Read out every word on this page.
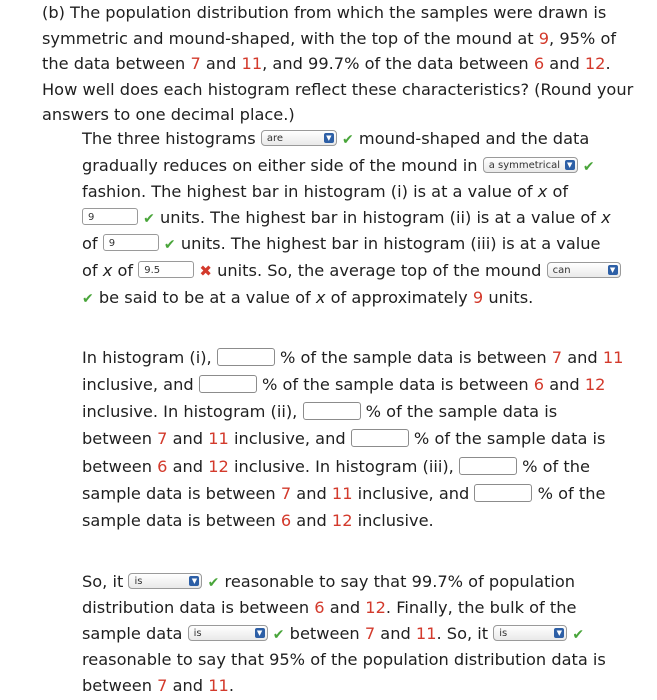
(b) The population distribution from which the samples were drawn is
symmetric and mound-shaped, with the top of the mound at 9, 95% of
the data between 7 and 11, and 99.7% of the data between 6 and 12.
How well does each histogram reflect these characteristics? (Round your
answers to one decimal place.)
The three histograms are	▼ ✔ mound-shaped and the data
gradually reduces on either side of the mound in a symmetrical	▼ ✔
fashion. The highest bar in histogram (i) is at a value of x of
9	✔ units. The highest bar in histogram (ii) is at a value of x
of 9	✔ units. The highest bar in histogram (iii) is at a value
of x of 9.5	✖ units. So, the average top of the mound can	▼
✔ be said to be at a value of x of approximately 9 units.
In histogram (i),	% of the sample data is between 7 and 11
inclusive, and	% of the sample data is between 6 and 12
inclusive. In histogram (ii),	% of the sample data is
between 7 and 11 inclusive, and	% of the sample data is
between 6 and 12 inclusive. In histogram (iii),	% of the
sample data is between 7 and 11 inclusive, and	% of the
sample data is between 6 and 12 inclusive.
So, it is	▼ ✔ reasonable to say that 99.7% of population
distribution data is between 6 and 12. Finally, the bulk of the
sample data is	▼ ✔ between 7 and 11. So, it is	▼ ✔
reasonable to say that 95% of the population distribution data is
between 7 and 11.
